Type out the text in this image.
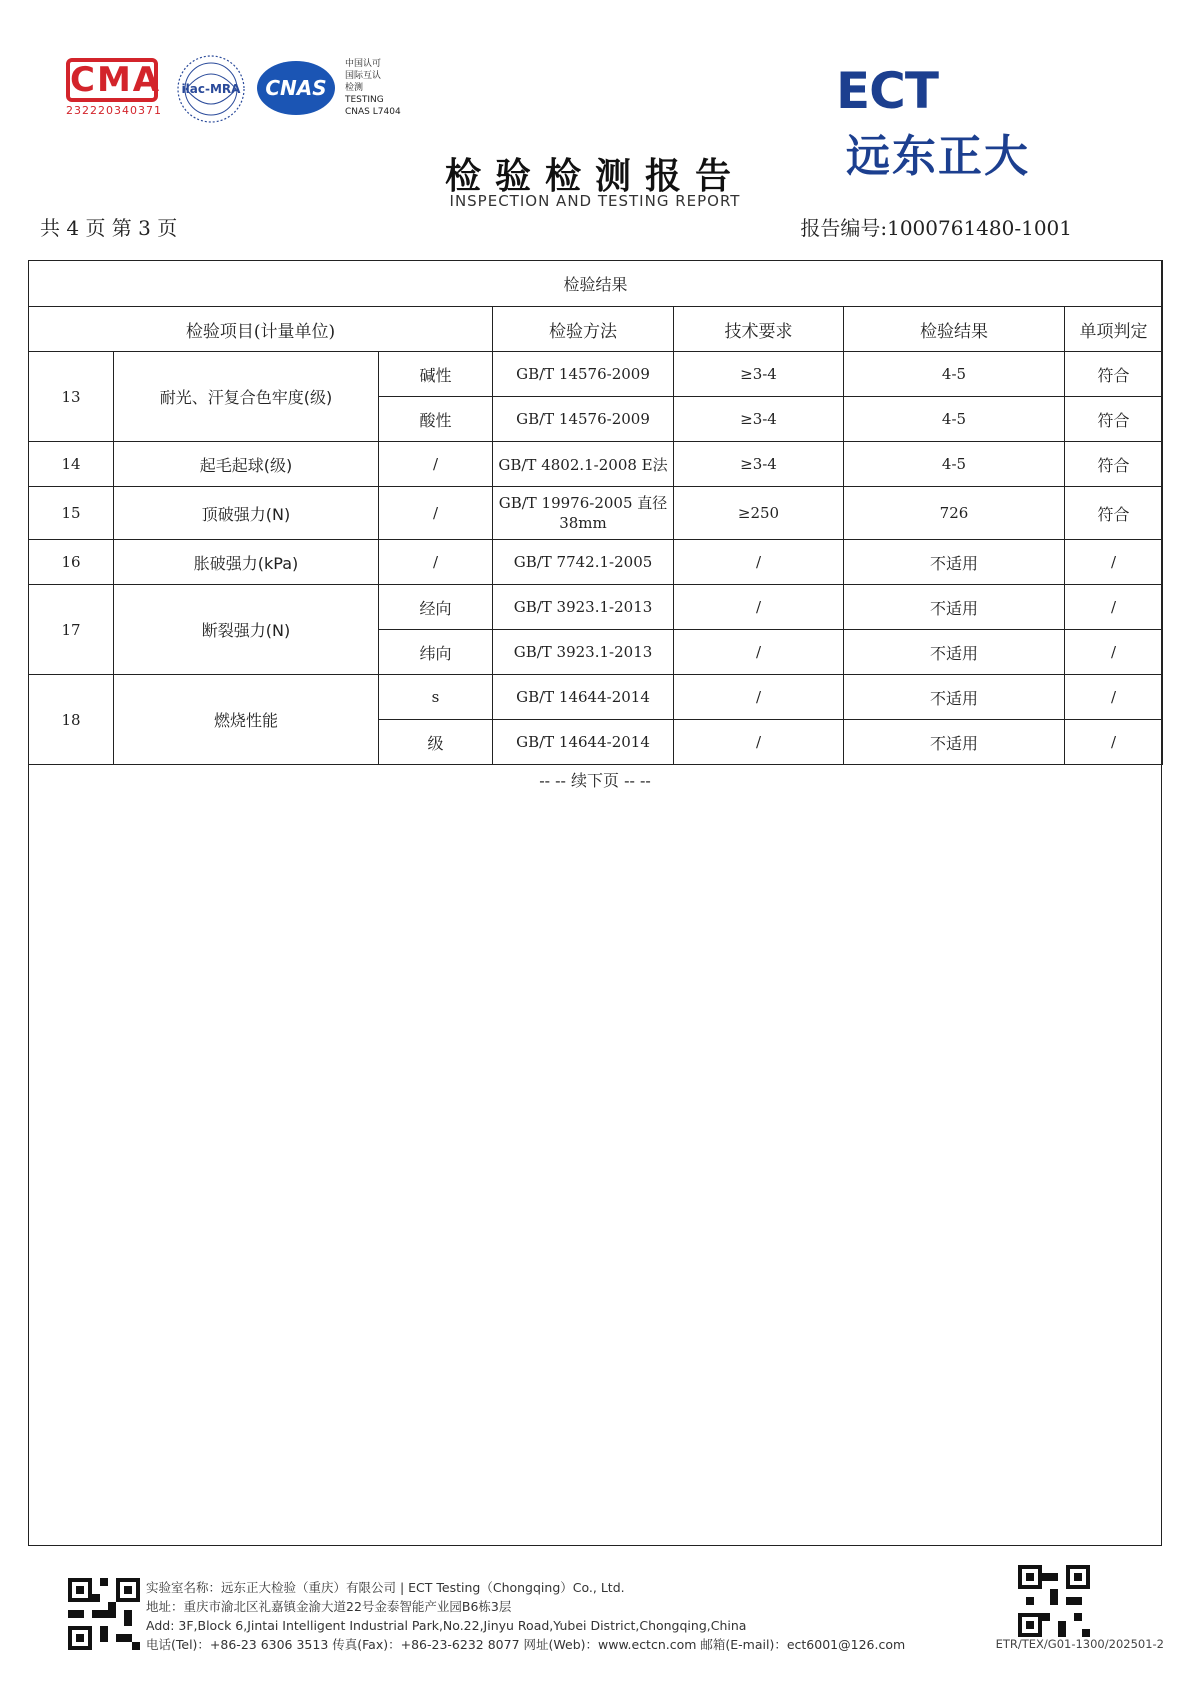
CMA
232220340371
ilac-MRA CNAS
中国认可
国际互认
检测
TESTING
CNAS L7404	ECT 远东正大
检验检测报告
INSPECTION AND TESTING REPORT
共 4 页 第 3 页	报告编号:1000761480-1001
检验结果						
检验项目(计量单位)			检验方法	技术要求	检验结果	单项判定
13	耐光、汗复合色牢度(级)	碱性	GB/T 14576-2009	≥3-4	4-5	符合
		酸性	GB/T 14576-2009	≥3-4	4-5	符合
14	起毛起球(级)	/	GB/T 4802.1-2008 E法	≥3-4	4-5	符合
15	顶破强力(N)	/	GB/T 19976-2005 直径38mm	≥250	726	符合
16	胀破强力(kPa)	/	GB/T 7742.1-2005	/	不适用	/
17	断裂强力(N)	经向	GB/T 3923.1-2013	/	不适用	/
		纬向	GB/T 3923.1-2013	/	不适用	/
18	燃烧性能	s	GB/T 14644-2014	/	不适用	/
		级	GB/T 14644-2014	/	不适用	/
-- -- 续下页 -- --
实验室名称：远东正大检验（重庆）有限公司 | ECT Testing（Chongqing）Co., Ltd.
地址：重庆市渝北区礼嘉镇金渝大道22号金泰智能产业园B6栋3层
Add: 3F,Block 6,Jintai Intelligent Industrial Park,No.22,Jinyu Road,Yubei District,Chongqing,China
电话(Tel)：+86-23 6306 3513 传真(Fax)：+86-23-6232 8077 网址(Web)：www.ectcn.com 邮箱(E-mail)：ect6001@126.com	ETR/TEX/G01-1300/202501-2
